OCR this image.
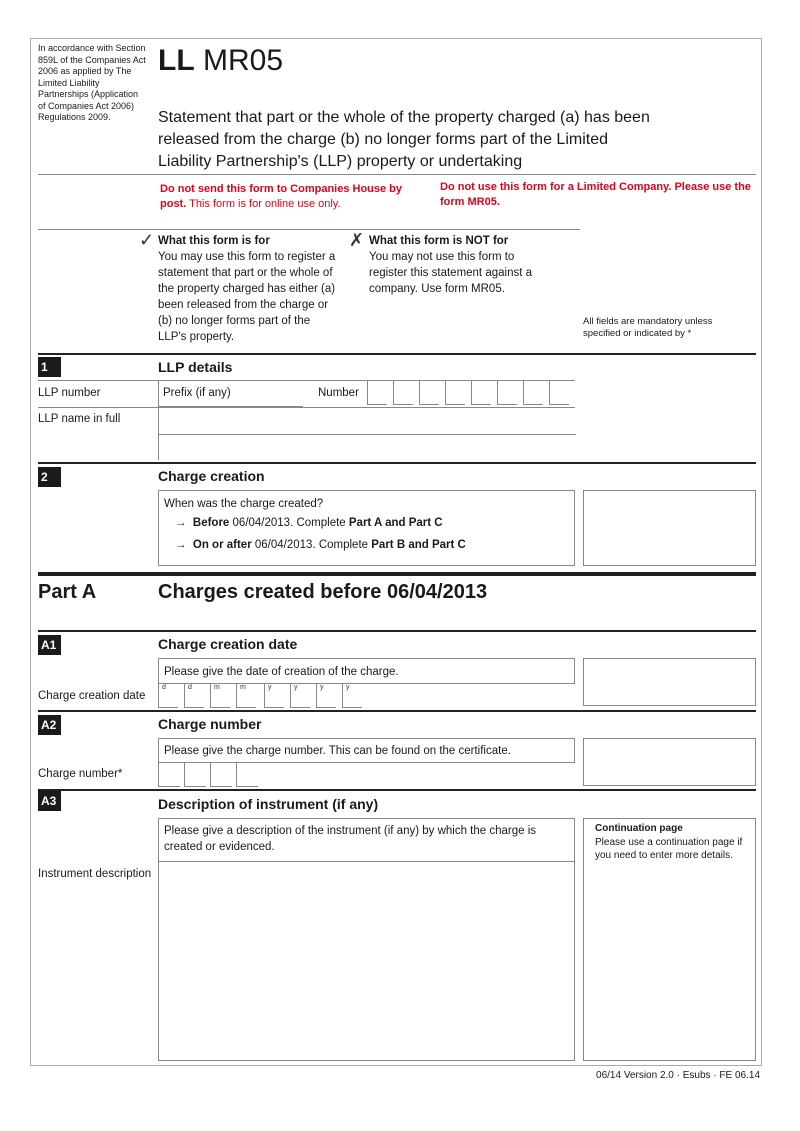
In accordance with Section 859L of the Companies Act 2006 as applied by The Limited Liability Partnerships (Application of Companies Act 2006) Regulations 2009.
LL MR05
Statement that part or the whole of the property charged (a) has been released from the charge (b) no longer forms part of the Limited Liability Partnership's (LLP) property or undertaking
Do not send this form to Companies House by post. This form is for online use only.
Do not use this form for a Limited Company. Please use the form MR05.
✓ What this form is for
You may use this form to register a statement that part or the whole of the property charged has either (a) been released from the charge or (b) no longer forms part of the LLP's property.
✗ What this form is NOT for
You may not use this form to register this statement against a company. Use form MR05.
All fields are mandatory unless specified or indicated by *
1	LLP details
LLP number	Prefix (if any)	Number
LLP name in full
2	Charge creation
When was the charge created?
→ Before 06/04/2013. Complete Part A and Part C
→ On or after 06/04/2013. Complete Part B and Part C
Part A	Charges created before 06/04/2013
A1	Charge creation date
Please give the date of creation of the charge.
Charge creation date
d	d	m	m	y	y	y	y
A2	Charge number
Please give the charge number. This can be found on the certificate.
Charge number*
A3	Description of instrument (if any)
Please give a description of the instrument (if any) by which the charge is created or evidenced.
Continuation page
Please use a continuation page if you need to enter more details.
Instrument description
06/14 Version 2.0 · Esubs · FE 06.14
